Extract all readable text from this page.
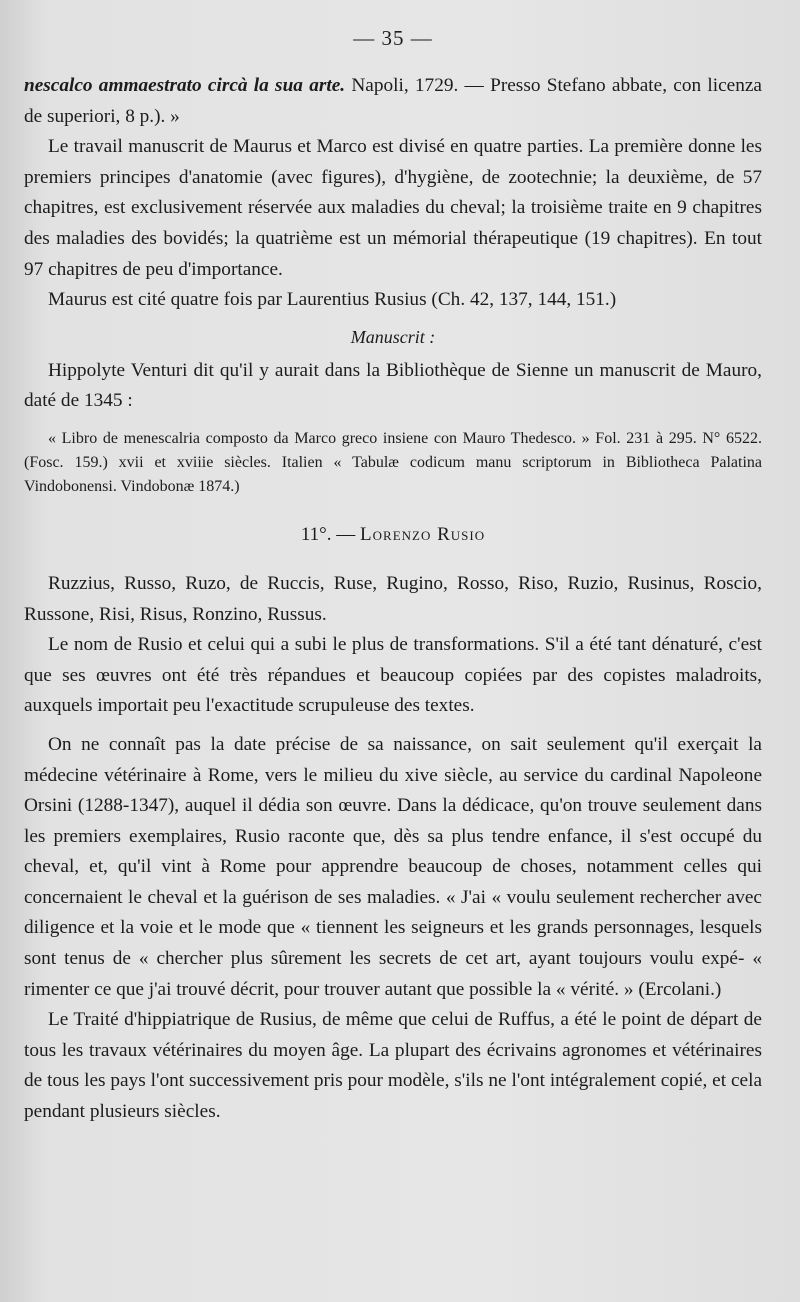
— 35 —

nescalco ammaestrato circà la sua arte. Napoli, 1729. — Presso Stefano abbate, con licenza de superiori, 8 p.). »

Le travail manuscrit de Maurus et Marco est divisé en quatre parties. La première donne les premiers principes d'anatomie (avec figures), d'hygiène, de zootechnie; la deuxième, de 57 chapitres, est exclusivement réservée aux maladies du cheval; la troisième traite en 9 chapitres des maladies des bovidés; la quatrième est un mémorial thérapeutique (19 chapitres). En tout 97 chapitres de peu d'importance.

Maurus est cité quatre fois par Laurentius Rusius (Ch. 42, 137, 144, 151.)

Manuscrit :

Hippolyte Venturi dit qu'il y aurait dans la Bibliothèque de Sienne un manuscrit de Mauro, daté de 1345 :

« Libro de menescalria composto da Marco greco insiene con Mauro Thedesco. » Fol. 231 à 295. N° 6522. (Fosc. 159.) xvii et xviiie siècles. Italien « Tabulæ codicum manu scriptorum in Bibliotheca Palatina Vindobonensi. Vindobonæ 1874.)

11°. — Lorenzo Rusio

Ruzzius, Russo, Ruzo, de Ruccis, Ruse, Rugino, Rosso, Riso, Ruzio, Rusinus, Roscio, Russone, Risi, Risus, Ronzino, Russus.

Le nom de Rusio et celui qui a subi le plus de transformations. S'il a été tant dénaturé, c'est que ses œuvres ont été très répandues et beaucoup copiées par des copistes maladroits, auxquels importait peu l'exactitude scrupuleuse des textes.

On ne connaît pas la date précise de sa naissance, on sait seulement qu'il exerçait la médecine vétérinaire à Rome, vers le milieu du xive siècle, au service du cardinal Napoleone Orsini (1288-1347), auquel il dédia son œuvre. Dans la dédicace, qu'on trouve seulement dans les premiers exemplaires, Rusio raconte que, dès sa plus tendre enfance, il s'est occupé du cheval, et, qu'il vint à Rome pour apprendre beaucoup de choses, notamment celles qui concernaient le cheval et la guérison de ses maladies. « J'ai « voulu seulement rechercher avec diligence et la voie et le mode que « tiennent les seigneurs et les grands personnages, lesquels sont tenus de « chercher plus sûrement les secrets de cet art, ayant toujours voulu expé- « rimenter ce que j'ai trouvé décrit, pour trouver autant que possible la « vérité. » (Ercolani.)

Le Traité d'hippiatrique de Rusius, de même que celui de Ruffus, a été le point de départ de tous les travaux vétérinaires du moyen âge. La plupart des écrivains agronomes et vétérinaires de tous les pays l'ont successivement pris pour modèle, s'ils ne l'ont intégralement copié, et cela pendant plusieurs siècles.
